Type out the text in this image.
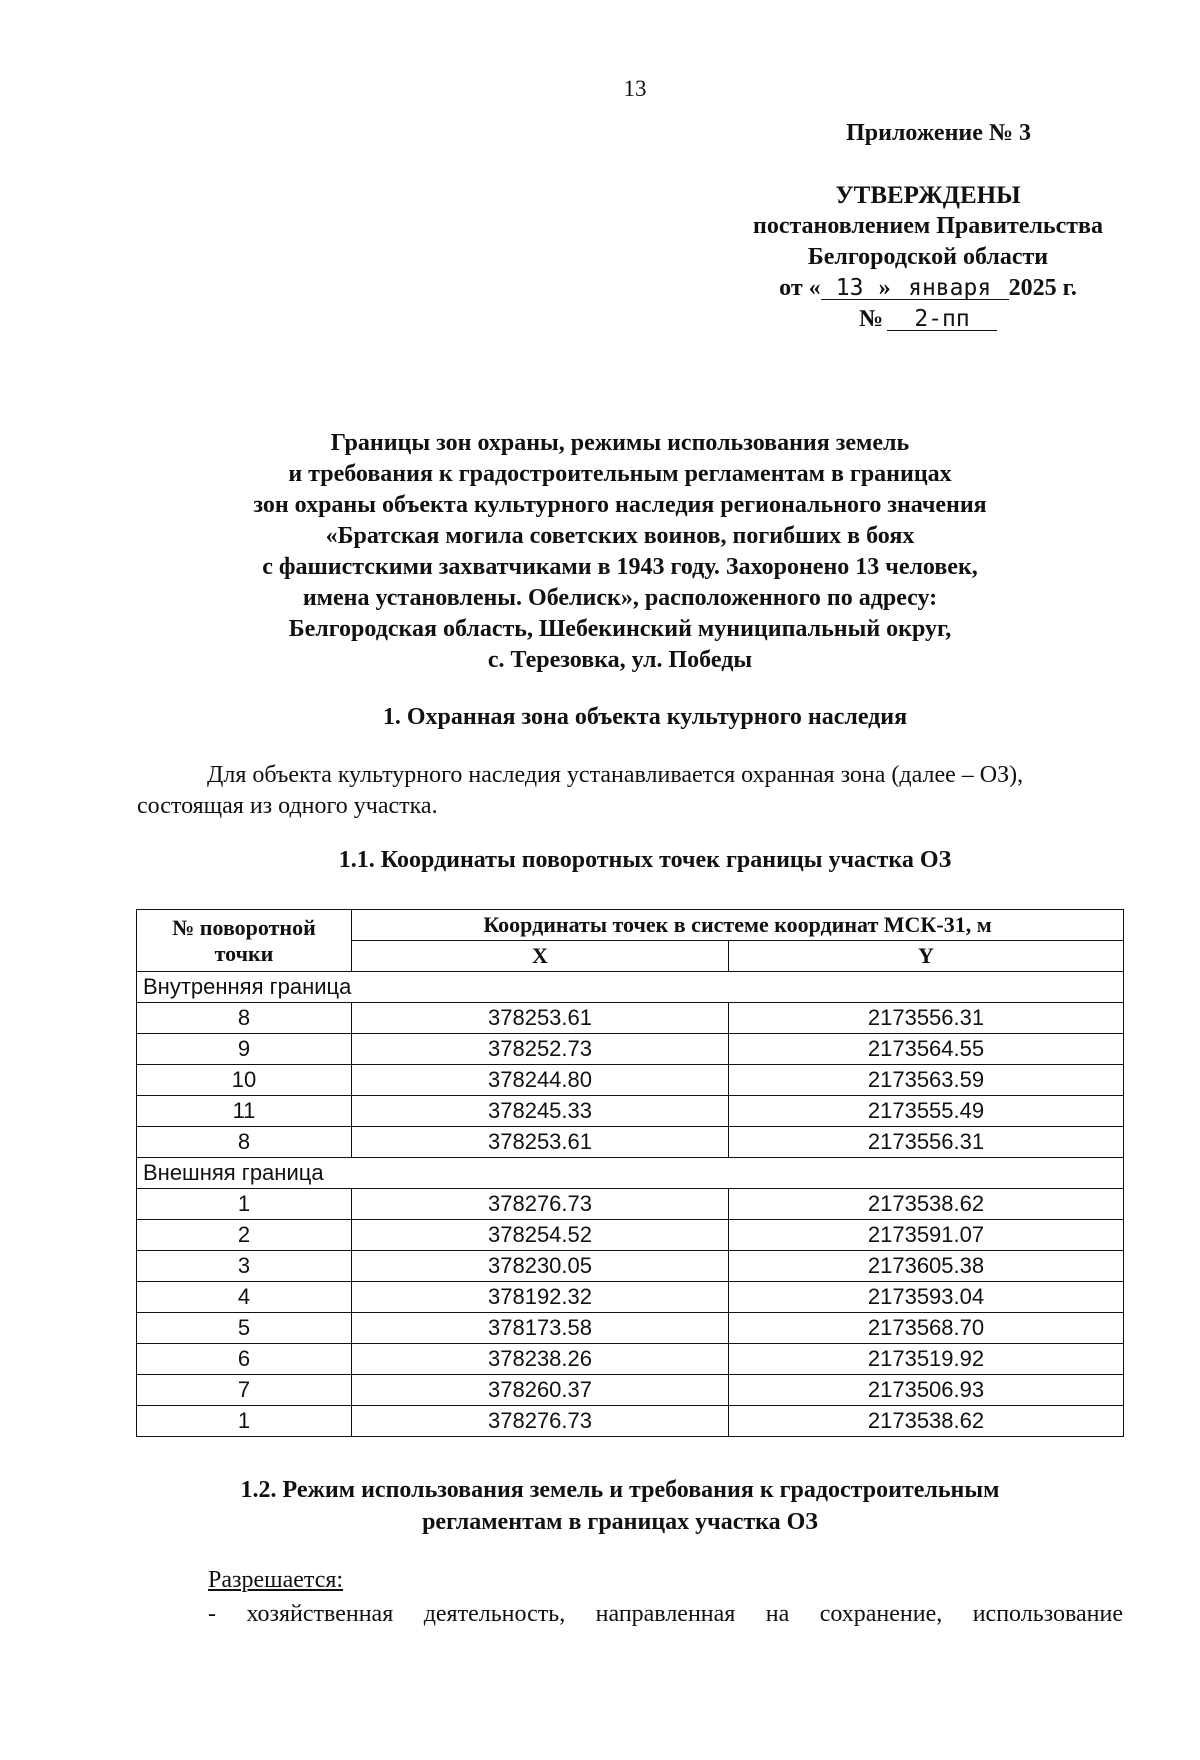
13
Приложение № 3
УТВЕРЖДЕНЫ
постановлением Правительства
Белгородской области
от « 13 » января 2025 г.
№ 2-пп
Границы зон охраны, режимы использования земель
и требования к градостроительным регламентам в границах
зон охраны объекта культурного наследия регионального значения
«Братская могила советских воинов, погибших в боях
с фашистскими захватчиками в 1943 году. Захоронено 13 человек,
имена установлены. Обелиск», расположенного по адресу:
Белгородская область, Шебекинский муниципальный округ,
с. Терезовка, ул. Победы
1. Охранная зона объекта культурного наследия
Для объекта культурного наследия устанавливается охранная зона (далее – ОЗ),
состоящая из одного участка.
1.1. Координаты поворотных точек границы участка ОЗ
№ поворотной точки	Координаты точек в системе координат МСК-31, м	
	X	Y
Внутренняя граница		
8	378253.61	2173556.31
9	378252.73	2173564.55
10	378244.80	2173563.59
11	378245.33	2173555.49
8	378253.61	2173556.31
Внешняя граница		
1	378276.73	2173538.62
2	378254.52	2173591.07
3	378230.05	2173605.38
4	378192.32	2173593.04
5	378173.58	2173568.70
6	378238.26	2173519.92
7	378260.37	2173506.93
1	378276.73	2173538.62
1.2. Режим использования земель и требования к градостроительным
регламентам в границах участка ОЗ
Разрешается:
- хозяйственная деятельность, направленная на сохранение, использование
